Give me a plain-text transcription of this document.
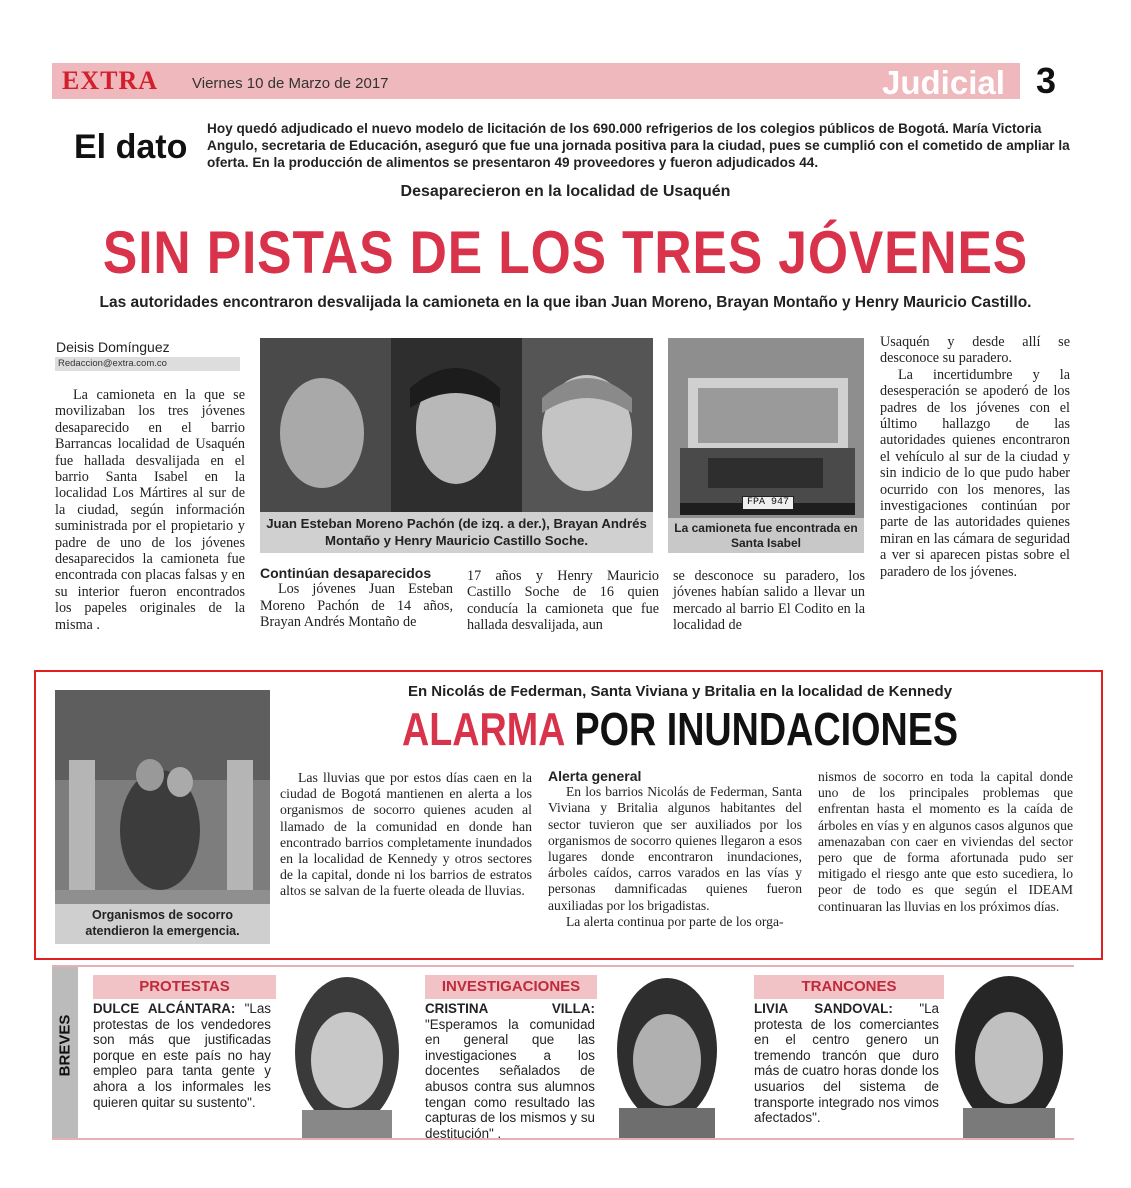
EXTRA Viernes 10 de Marzo de 2017	Judicial 3
El dato Hoy quedó adjudicado el nuevo modelo de licitación de los 690.000 refrigerios de los colegios públicos de Bogotá. María Victoria Angulo, secretaria de Educación, aseguró que fue una jornada positiva para la ciudad, pues se cumplió con el cometido de ampliar la oferta. En la producción de alimentos se presentaron 49 proveedores y fueron adjudicados 44.
Desaparecieron en la localidad de Usaquén
SIN PISTAS DE LOS TRES JÓVENES
Las autoridades encontraron desvalijada la camioneta en la que iban Juan Moreno, Brayan Montaño y Henry Mauricio Castillo.
Deisis Domínguez
Redaccion@extra.com.co

La camioneta en la que se movilizaban los tres jóvenes desaparecido en el barrio Barrancas localidad de Usaquén fue hallada desvalijada en el barrio Santa Isabel en la localidad Los Mártires al sur de la ciudad, según información suministrada por el propietario y padre de uno de los jóvenes desaparecidos la camioneta fue encontrada con placas falsas y en su interior fueron encontrados los papeles originales de la misma .

Juan Esteban Moreno Pachón (de izq. a der.), Brayan Andrés Montaño y Henry Mauricio Castillo Soche.
FPA 947
La camioneta fue encontrada en Santa Isabel

Continúan desaparecidos

Los jóvenes Juan Esteban Moreno Pachón de 14 años, Brayan Andrés Montaño de

17 años y Henry Mauricio Castillo Soche de 16 quien conducía la camioneta que fue hallada desvalijada, aun

se desconoce su paradero, los jóvenes habían salido a llevar un mercado al barrio El Codito en la localidad de

Usaquén y desde allí se desconoce su paradero.

La incertidumbre y la desesperación se apoderó de los padres de los jóvenes con el último hallazgo de las autoridades quienes encontraron el vehículo al sur de la ciudad y sin indicio de lo que pudo haber ocurrido con los menores, las investigaciones continúan por parte de las autoridades quienes miran en las cámara de seguridad a ver si aparecen pistas sobre el paradero de los jóvenes.

Organismos de socorro atendieron la emergencia.
En Nicolás de Federman, Santa Viviana y Britalia en la localidad de Kennedy
ALARMA POR INUNDACIONES

Las lluvias que por estos días caen en la ciudad de Bogotá mantienen en alerta a los organismos de socorro quienes acuden al llamado de la comunidad en donde han encontrado barrios completamente inundados en la localidad de Kennedy y otros sectores de la capital, donde ni los barrios de estratos altos se salvan de la fuerte oleada de lluvias.

Alerta general

En los barrios Nicolás de Federman, Santa Viviana y Britalia algunos habitantes del sector tuvieron que ser auxiliados por los organismos de socorro quienes llegaron a esos lugares donde encontraron inundaciones, árboles caídos, carros varados en las vías y personas damnificadas quienes fueron auxiliadas por los brigadistas.

La alerta continua por parte de los orga-

nismos de socorro en toda la capital donde uno de los principales problemas que enfrentan hasta el momento es la caída de árboles en vías y en algunos casos algunos que amenazaban con caer en viviendas del sector pero que de forma afortunada pudo ser mitigado el riesgo ante que esto sucediera, lo peor de todo es que según el IDEAM continuaran las lluvias en los próximos días.

BREVES
PROTESTAS
DULCE ALCÁNTARA: "Las protestas de los vendedores son más que justificadas porque en este país no hay empleo para tanta gente y ahora a los informales les quieren quitar su sustento".
INVESTIGACIONES
CRISTINA VILLA: "Esperamos la comunidad en general que las investigaciones a los docentes señalados de abusos contra sus alumnos tengan como resultado las capturas de los mismos y su destitución" .
TRANCONES
LIVIA SANDOVAL: "La protesta de los comerciantes en el centro genero un tremendo trancón que duro más de cuatro horas donde los usuarios del sistema de transporte integrado nos vimos afectados".
